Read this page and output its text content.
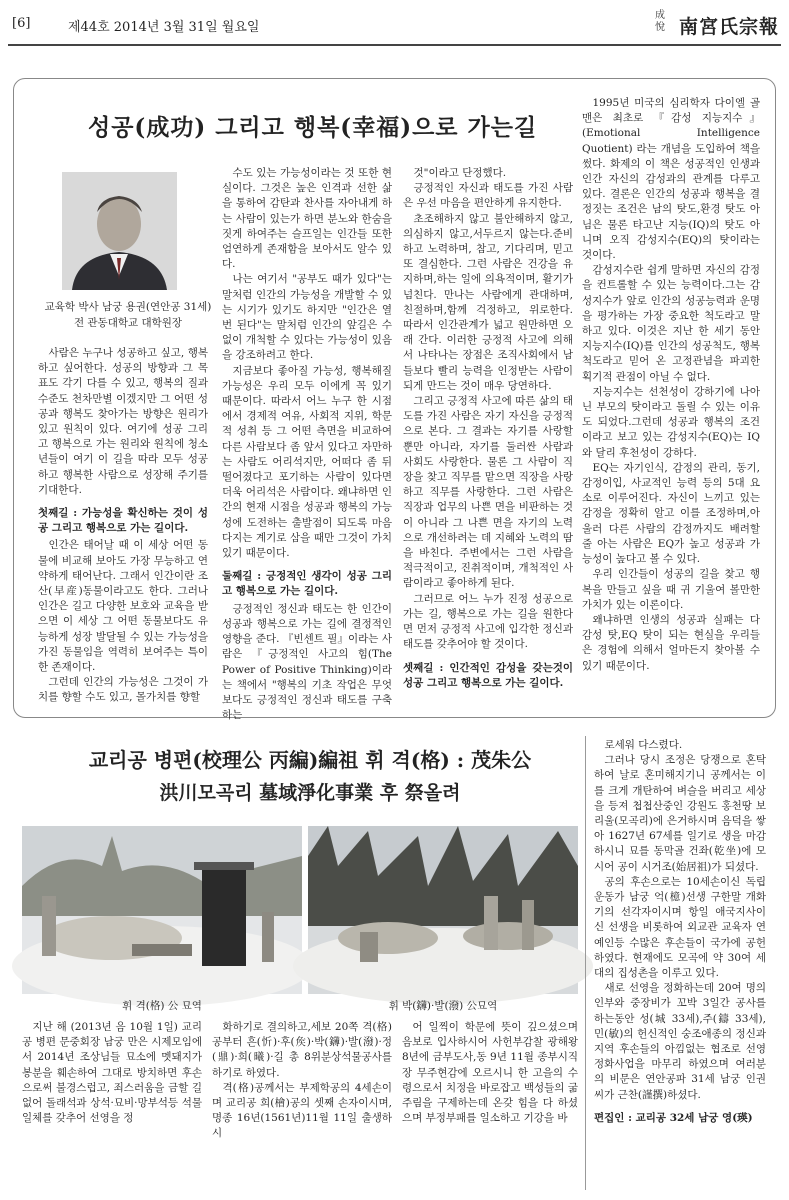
[6]	제44호 2014년 3월 31일 월요일
成悅 南宮氏宗報
성공(成功) 그리고 행복(幸福)으로 가는길
교육학 박사 남궁 용권(연안공 31세)
전 관동대학교 대학원장

사람은 누구나 성공하고 싶고, 행복하고 싶어한다. 성공의 방향과 그 목표도 각기 다를 수 있고, 행복의 질과 수준도 천차만별 이겠지만 그 어떤 성공과 행복도 찾아가는 방향은 원리가 있고 원칙이 있다. 여기에 성공 그리고 행복으로 가는 원리와 원칙에 청소년들이 여기 이 길을 따라 모두 성공하고 행복한 사람으로 성장해 주기를 기대한다.

첫째길 : 가능성을 확신하는 것이 성공 그리고 행복으로 가는 길이다.

인간은 태어날 때 이 세상 어떤 동물에 비교해 보아도 가장 무능하고 연약하게 태어난다. 그래서 인간이란 조산(早産)동물이라고도 한다. 그러나 인간은 길고 다양한 보호와 교육을 받으면 이 세상 그 어떤 동물보다도 유능하게 성장 발달될 수 있는 가능성을 가진 동물임을 역력히 보여주는 특이한 존재이다.

그런데 인간의 가능성은 그것이 가치를 향할 수도 있고, 몰가치를 향할

수도 있는 가능성이라는 것 또한 현실이다. 그것은 높은 인격과 선한 삶을 통하여 감탄과 찬사를 자아내게 하는 사람이 있는가 하면 분노와 한숨을 짓게 하여주는 슬프일는 인간들 또한 엄연하게 존재함을 보아서도 알수 있다.

나는 여기서 "공부도 때가 있다"는 말처럼 인간의 가능성을 개발할 수 있는 시기가 있기도 하지만 "인간은 열 번 된다"는 말처럼 인간의 앞길은 수 없이 개척할 수 있다는 가능성이 있음을 강조하려고 한다.

지금보다 좋아질 가능성, 행복해질 가능성은 우리 모두 이에게 꼭 있기 때문이다. 따라서 어느 누구 한 시점에서 경제적 여유, 사회적 지위, 학문적 성취 등 그 어떤 측면을 비교하여 다른 사람보다 좀 앞서 있다고 자만하는 사람도 어리석지만, 어떠다 좀 뒤떨어졌다고 포기하는 사람이 있다면 더욱 어리석은 사람이다. 왜냐하면 인간의 현재 시점을 성공과 행복의 가능성에 도전하는 출발점이 되도록 마음 다지는 계기로 삼을 때만 그것이 가치 있기 때문이다.

둘째길 : 긍정적인 생각이 성공 그리고 행복으로 가는 길이다.

긍정적인 정신과 태도는 한 인간이 성공과 행복으로 가는 길에 결정적인 영향을 준다. 『빈센트 필』이라는 사람은 『긍정적인 사고의 힘(The Power of Positive Thinking)이라는 책에서 "행복의 기초 작업은 무엇보다도 긍정적인 정신과 태도를 구축하는

것"이라고 단정했다.

긍정적인 자신과 태도를 가진 사람은 우선 마음을 편안하게 유지한다.

초조해하지 않고 불안해하지 않고, 의심하지 않고,서두르지 않는다.준비하고 노력하며, 참고, 기다리며, 믿고 또 결심한다. 그런 사람은 건강을 유지하며,하는 일에 의욕적이며, 활기가 넘친다. 만나는 사람에게 관대하며, 친절하며,함께 걱정하고, 위로한다. 따라서 인간관계가 넓고 원만하면 오래 간다. 이러한 긍정적 사고에 의해서 나타나는 장점은 조직사회에서 남들보다 빨리 능력을 인정받는 사람이 되게 만드는 것이 매우 당연하다.

그리고 긍정적 사고에 따른 삶의 태도를 가진 사람은 자기 자신을 긍정적으로 본다. 그 결과는 자기를 사랑할 뿐만 아니라, 자기를 둘러싼 사람과 사회도 사랑한다. 물론 그 사람이 직장을 찾고 직무를 맡으면 직장을 사랑하고 직무를 사랑한다. 그런 사람은 직장과 업무의 나쁜 면을 비판하는 것이 아니라 그 나쁜 면을 자기의 노력으로 개선하려는 데 지혜와 노력의 땀을 바친다. 주변에서는 그런 사람을 적극적이고, 진취적이며, 개척적인 사람이라고 좋아하게 된다.

그러므로 어느 누가 진정 성공으로 가는 길, 행복으로 가는 길을 원한다면 먼저 긍정적 사고에 입각한 정신과 태도를 갖추어야 할 것이다.

셋째길 : 인간적인 감성을 갖는것이 성공 그리고 행복으로 가는 길이다.

1995년 미국의 심리학자 다이엘 골맨은 최초로 『감성 지능지수』(Emotional Intelligence Quotient) 라는 개념을 도입하여 책을 썼다. 화제의 이 책은 성공적인 인생과 인간 자신의 감성과의 관계를 다루고 있다. 결론은 인간의 성공과 행복을 결정짓는 조건은 남의 탓도,환경 탓도 아님은 물론 타고난 지능(IQ)의 탓도 아니며 오직 감성지수(EQ)의 탓이라는 것이다.

감성지수란 쉽게 말하면 자신의 감정을 컨트롤할 수 있는 능력이다.그는 감성지수가 앞로 인간의 성공능력과 운명을 평가하는 가장 중요한 척도라고 말하고 있다. 이것은 지난 한 세기 동안 지능지수(IQ)를 인간의 성공척도, 행복척도라고 믿어 온 고정관념을 파괴한 획기적 관점이 아닐 수 없다.

지능지수는 선천성이 강하기에 나아닌 부모의 탓이라고 돌릴 수 있는 이유도 되었다.그런데 성공과 행복의 조건이라고 보고 있는 감성지수(EQ)는 IQ와 달리 후천성이 강하다.

EQ는 자기인식, 감정의 관리, 동기, 감정이입, 사교적인 능력 등의 5대 요소로 이루어진다. 자신이 느끼고 있는 감정을 정확히 알고 이를 조정하며,아울러 다른 사람의 감정까지도 배려할 줄 아는 사람은 EQ가 높고 성공과 가능성이 높다고 볼 수 있다.

우리 인간들이 성공의 길을 찾고 행복을 만들고 싶을 때 귀 기울여 볼만한 가치가 있는 이론이다.

왜냐하면 인생의 성공과 실패는 다 감성 탓,EQ 탓이 되는 현실을 우리들은 경험에 의해서 얼마든지 찾아볼 수 있기 때문이다.

교리공 병편(校理公 丙編)編祖 휘 격(格) : 茂朱公
洪川모곡리 墓域淨化事業 후 祭올려
휘 격(格) 公 묘역	휘 박(鑮)·발(潑) 公묘역

지난 해 (2013년 음 10월 1일) 교리공 병편 문중회장 남궁 만은 시제모임에서 2014년 조상님들 묘소에 멧돼지가 봉분을 훼손하여 그대로 방치하면 후손으로써 불경스럽고, 죄스러움을 금할 길 없어 돌래석과 상석·묘비·망부석등 석물일체를 갖추어 선영을 정

화하기로 결의하고,세보 20쪽 격(格)공부터 흔(忻)·후(矦)·박(鑮)·발(潑)·정(鼎)·희(曦)·길 총 8위분상석물공사를 하기로 하였다.

격(格)공께서는 부제학공의 4세손이며 교리공 희(檜)공의 셋째 손자이시며, 명종 16년(1561년)11월 11일 출생하시

어 일찍이 학문에 뜻이 깊으셨으며 음보로 입사하시어 사헌부감찰 광해왕 8년에 금부도사,동 9년 11월 종부시직장 무주현감에 오르시니 한 고을의 수령으로서 치정을 바로잡고 백성들의 굶주림을 구제하는데 온갖 힘을 다 하셨으며 부정부패를 일소하고 기강을 바

로세워 다스렸다.

그러나 당시 조정은 당쟁으로 혼탁하여 날로 혼미해지기니 공께서는 이를 크게 개탄하여 벼슬을 버리고 세상을 등져 첩첩산중인 강원도 홍천땅 보리울(모곡리)에 은거하시며 음덕을 쌓아 1627년 67세를 일기로 생을 마감하시니 묘를 동막골 건좌(乾坐)에 모시어 공이 시거조(始居祖)가 되셨다.

공의 후손으로는 10세손이신 독립운동가 남궁 억(檍)선생 구한말 개화기의 선각자이시며 항일 애국지사이신 선생을 비롯하여 외교관 교육자 연예인등 수많은 후손들이 국가에 공헌하였다. 현재에도 모곡에 약 30여 세대의 집성촌을 이루고 있다.

새로 선영을 정화하는데 20여 명의 인부와 중장비가 꼬박 3일간 공사를 하는동안 성(城 33세),주(鑄 33세),민(敏)의 헌신적인 숭조애종의 정신과 지역 후손들의 아낌없는 협조로 선영정화사업을 마무리 하였으며 여러분의 비문은 연안공파 31세 남궁 인권 씨가 근찬(謹撰)하셨다.

편집인 : 교리공 32세 남궁 영(瑛)
